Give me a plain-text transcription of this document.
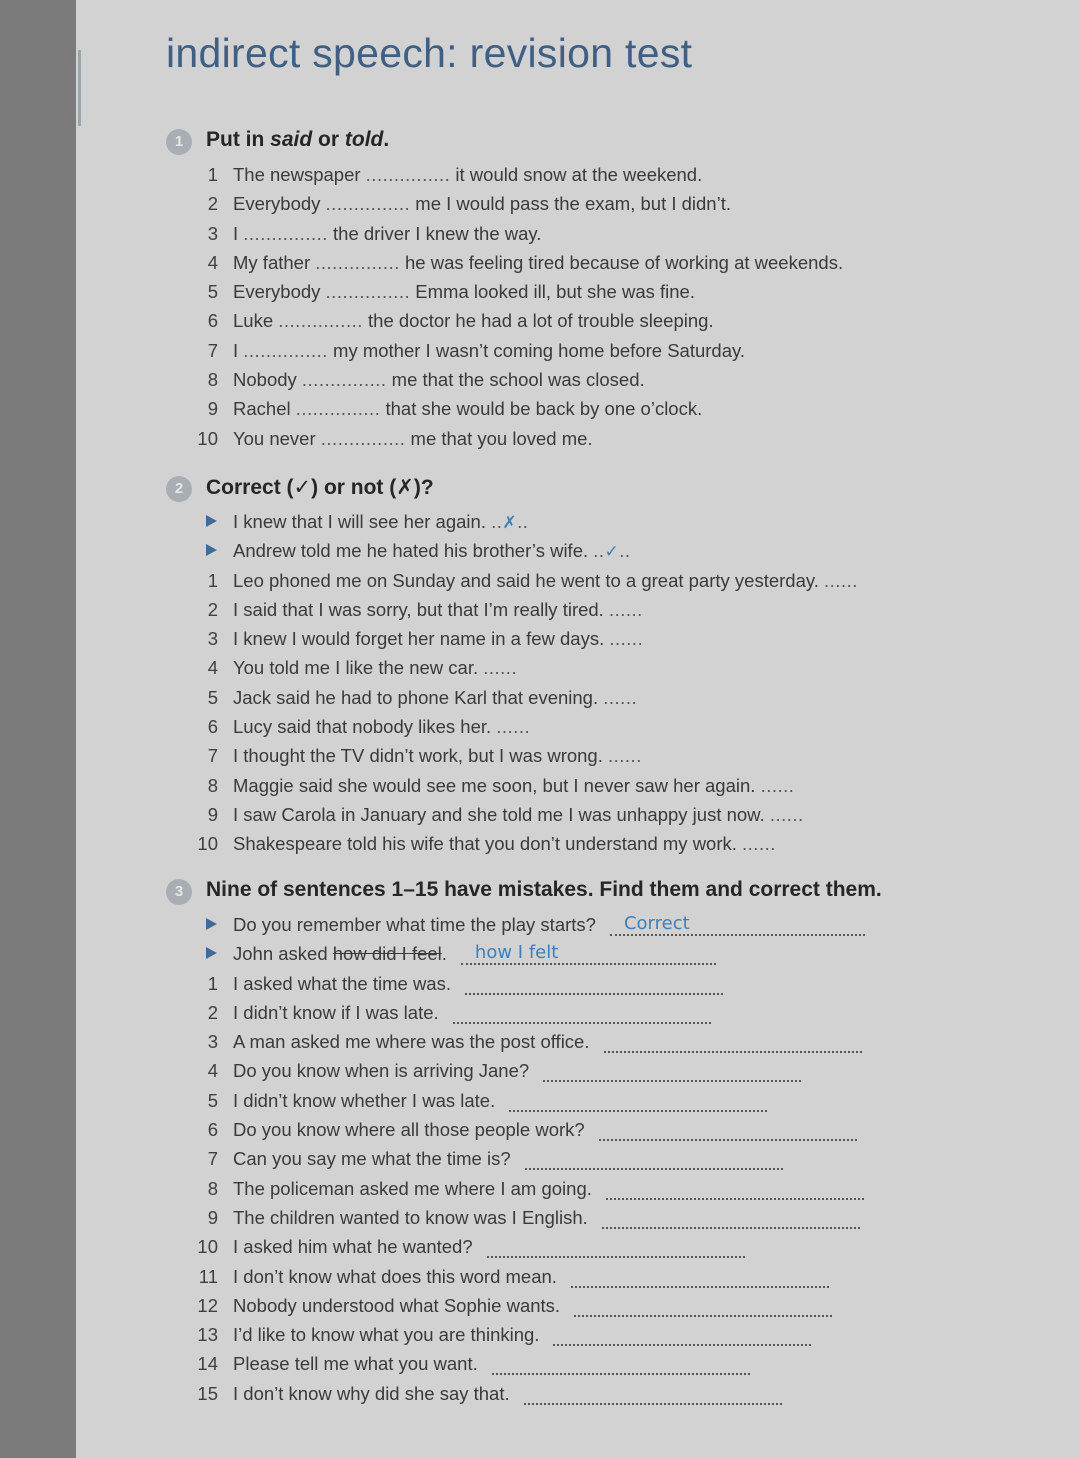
indirect speech: revision test
1	Put in said or told.
1 The newspaper ............... it would snow at the weekend.
2 Everybody ............... me I would pass the exam, but I didn’t.
3 I ............... the driver I knew the way.
4 My father ............... he was feeling tired because of working at weekends.
5 Everybody ............... Emma looked ill, but she was fine.
6 Luke ............... the doctor he had a lot of trouble sleeping.
7 I ............... my mother I wasn’t coming home before Saturday.
8 Nobody ............... me that the school was closed.
9 Rachel ............... that she would be back by one o’clock.
10 You never ............... me that you loved me.
2	Correct (✓) or not (✗)?
I knew that I will see her again. ..✗..
Andrew told me he hated his brother’s wife. ..✓..
1 Leo phoned me on Sunday and said he went to a great party yesterday. ......
2 I said that I was sorry, but that I’m really tired. ......
3 I knew I would forget her name in a few days. ......
4 You told me I like the new car. ......
5 Jack said he had to phone Karl that evening. ......
6 Lucy said that nobody likes her. ......
7 I thought the TV didn’t work, but I was wrong. ......
8 Maggie said she would see me soon, but I never saw her again. ......
9 I saw Carola in January and she told me I was unhappy just now. ......
10 Shakespeare told his wife that you don’t understand my work. ......
3	Nine of sentences 1–15 have mistakes. Find them and correct them.
Do you remember what time the play starts? Correct
John asked how did I feel. how I felt
1 I asked what the time was.
2 I didn’t know if I was late.
3 A man asked me where was the post office.
4 Do you know when is arriving Jane?
5 I didn’t know whether I was late.
6 Do you know where all those people work?
7 Can you say me what the time is?
8 The policeman asked me where I am going.
9 The children wanted to know was I English.
10 I asked him what he wanted?
11 I don’t know what does this word mean.
12 Nobody understood what Sophie wants.
13 I’d like to know what you are thinking.
14 Please tell me what you want.
15 I don’t know why did she say that.
